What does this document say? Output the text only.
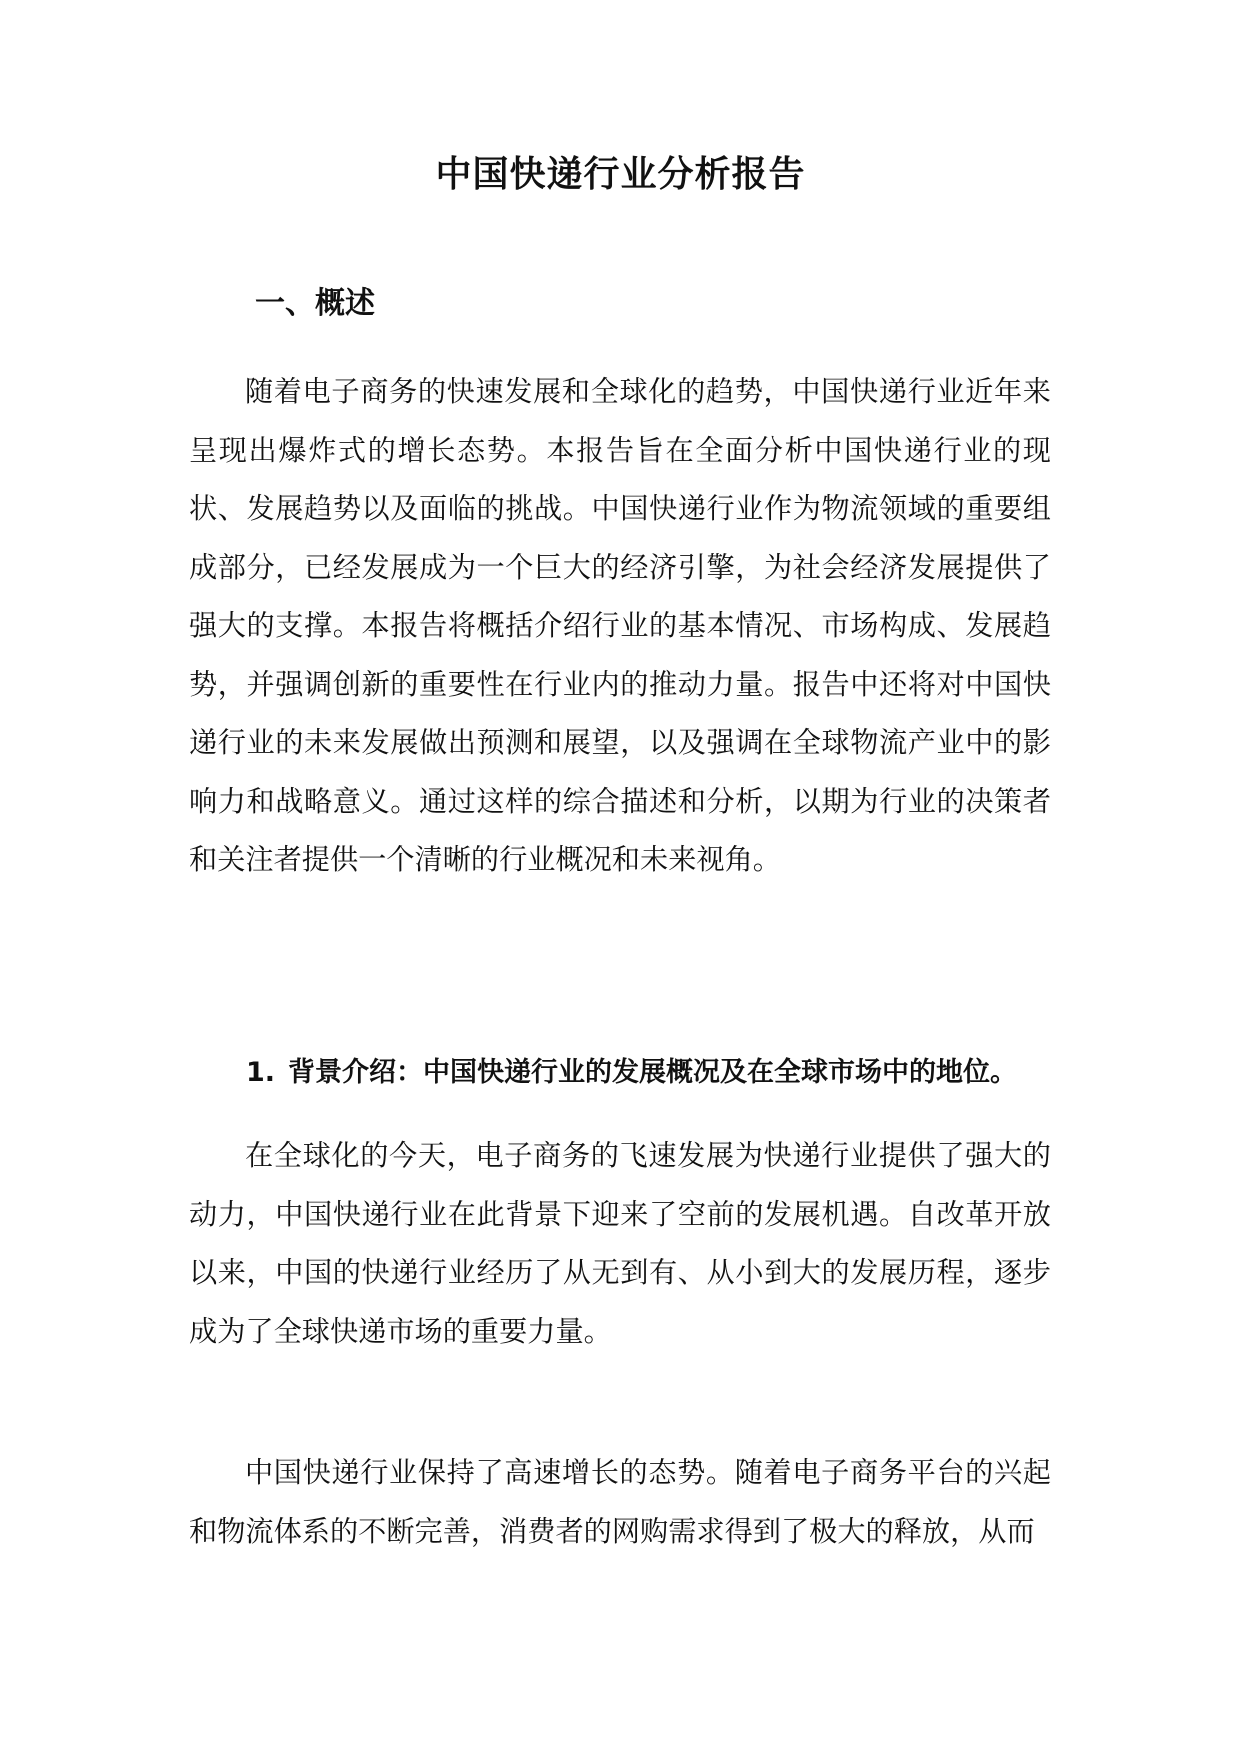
中国快递行业分析报告
一、概述

随着电子商务的快速发展和全球化的趋势，中国快递行业近年来呈现出爆炸式的增长态势。本报告旨在全面分析中国快递行业的现状、发展趋势以及面临的挑战。中国快递行业作为物流领域的重要组成部分，已经发展成为一个巨大的经济引擎，为社会经济发展提供了强大的支撑。本报告将概括介绍行业的基本情况、市场构成、发展趋势，并强调创新的重要性在行业内的推动力量。报告中还将对中国快递行业的未来发展做出预测和展望，以及强调在全球物流产业中的影响力和战略意义。通过这样的综合描述和分析，以期为行业的决策者和关注者提供一个清晰的行业概况和未来视角。

1. 背景介绍：中国快递行业的发展概况及在全球市场中的地位。

在全球化的今天，电子商务的飞速发展为快递行业提供了强大的动力，中国快递行业在此背景下迎来了空前的发展机遇。自改革开放以来，中国的快递行业经历了从无到有、从小到大的发展历程，逐步成为了全球快递市场的重要力量。

中国快递行业保持了高速增长的态势。随着电子商务平台的兴起和物流体系的不断完善，消费者的网购需求得到了极大的释放，从而
